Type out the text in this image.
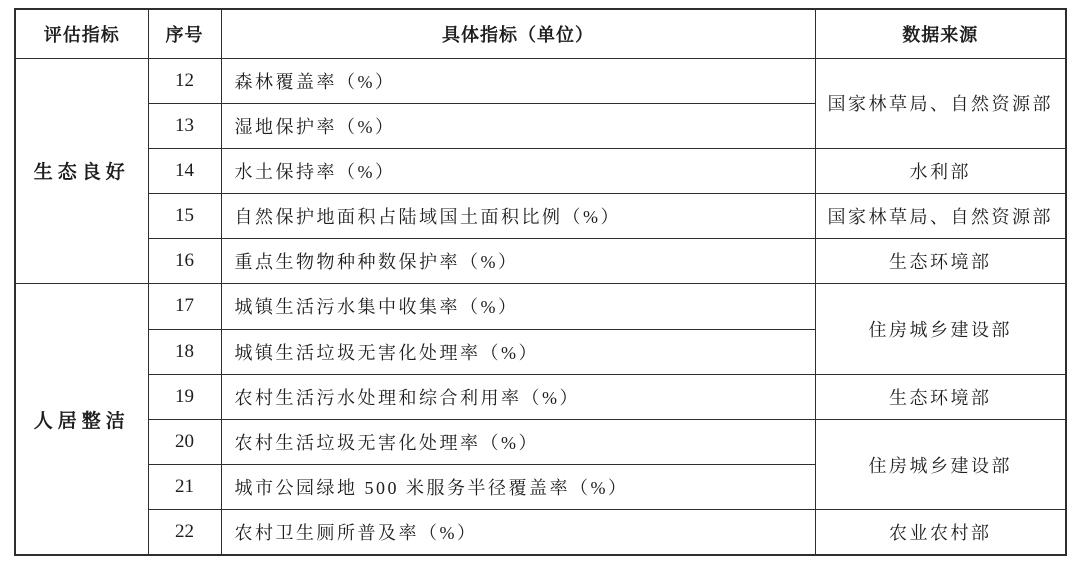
评估指标	序号	具体指标（单位）	数据来源
生态良好	12	森林覆盖率（%）	国家林草局、自然资源部
	13	湿地保护率（%）	
	14	水土保持率（%）	水利部
	15	自然保护地面积占陆域国土面积比例（%）	国家林草局、自然资源部
	16	重点生物物种种数保护率（%）	生态环境部
人居整洁	17	城镇生活污水集中收集率（%）	住房城乡建设部
	18	城镇生活垃圾无害化处理率（%）	
	19	农村生活污水处理和综合利用率（%）	生态环境部
	20	农村生活垃圾无害化处理率（%）	住房城乡建设部
	21	城市公园绿地 500 米服务半径覆盖率（%）	
	22	农村卫生厕所普及率（%）	农业农村部
